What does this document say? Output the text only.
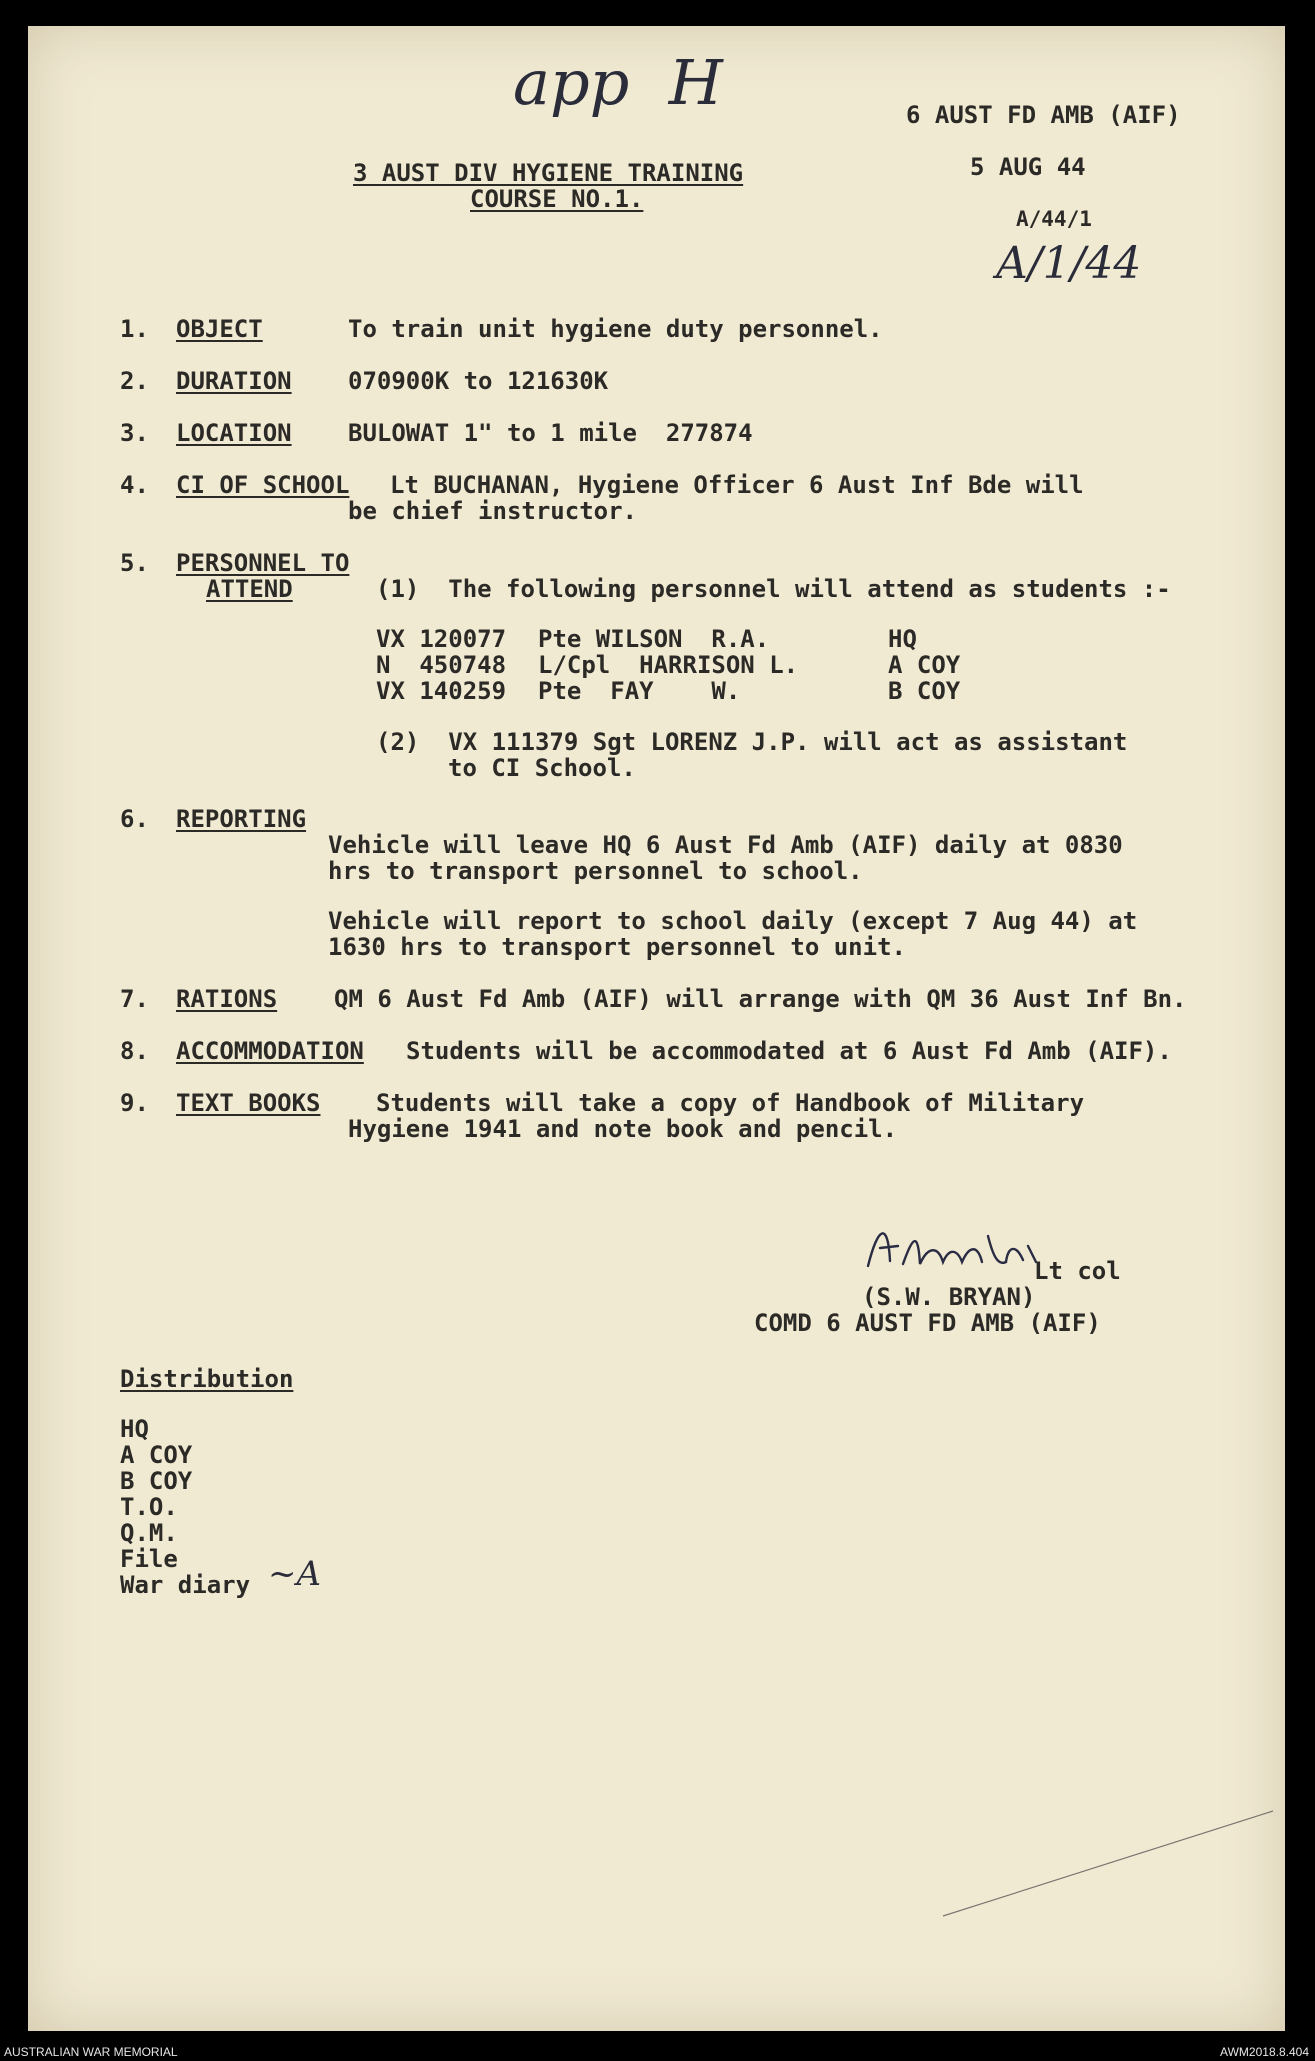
app  H
A/1/44
6 AUST FD AMB (AIF)
5 AUG 44
A/44/1
3 AUST DIV HYGIENE TRAINING
COURSE NO.1.
1. OBJECT	To train unit hygiene duty personnel.
2. DURATION 070900K to 121630K
3. LOCATION BULOWAT 1" to 1 mile  277874
4. CI OF SCHOOL Lt BUCHANAN, Hygiene Officer 6 Aust Inf Bde will
be chief instructor.
5. PERSONNEL TO
ATTEND	(1)  The following personnel will attend as students :-
VX 120077 Pte WILSON  R.A.	HQ
N  450748 L/Cpl  HARRISON L.	A COY
VX 140259 Pte  FAY    W.	B COY
(2)  VX 111379 Sgt LORENZ J.P. will act as assistant
to CI School.
6. REPORTING
Vehicle will leave HQ 6 Aust Fd Amb (AIF) daily at 0830
hrs to transport personnel to school.
Vehicle will report to school daily (except 7 Aug 44) at
1630 hrs to transport personnel to unit.
7. RATIONS QM 6 Aust Fd Amb (AIF) will arrange with QM 36 Aust Inf Bn.
8. ACCOMMODATION Students will be accommodated at 6 Aust Fd Amb (AIF).
9. TEXT BOOKS Students will take a copy of Handbook of Military
Hygiene 1941 and note book and pencil.
Lt col
(S.W. BRYAN)
COMD 6 AUST FD AMB (AIF)
Distribution
HQ
A COY
B COY
T.O.
Q.M.
File
War diary ~A
AUSTRALIAN WAR MEMORIAL	AWM2018.8.404
